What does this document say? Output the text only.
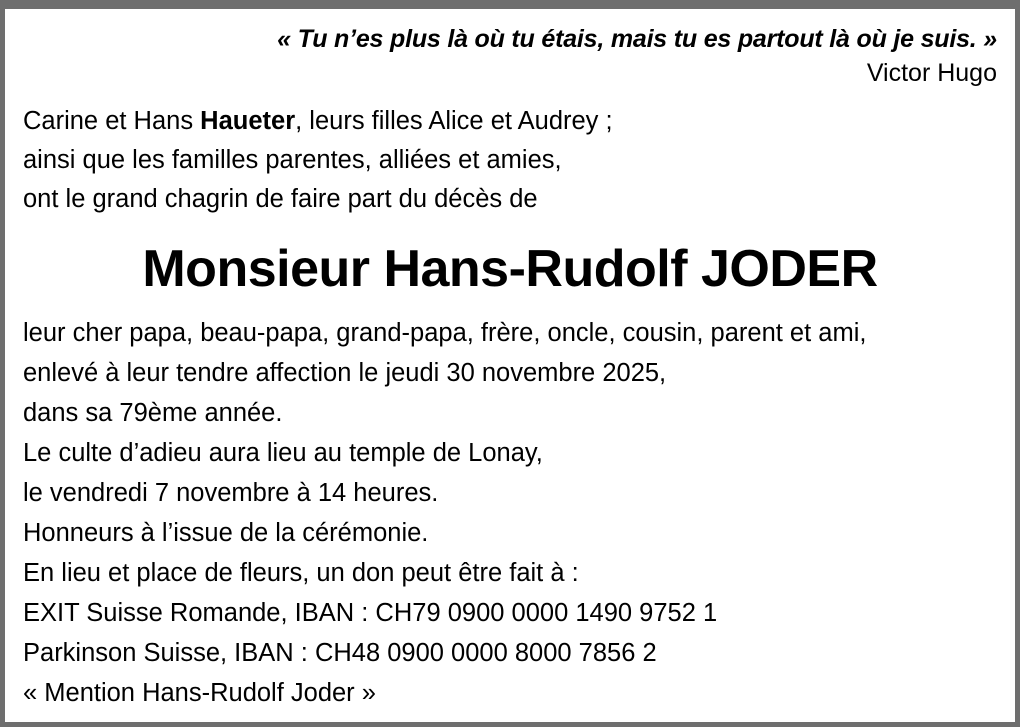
« Tu n’es plus là où tu étais, mais tu es partout là où je suis. »
Victor Hugo
Carine et Hans Haueter, leurs filles Alice et Audrey ;
ainsi que les familles parentes, alliées et amies,
ont le grand chagrin de faire part du décès de
Monsieur Hans-Rudolf JODER
leur cher papa, beau-papa, grand-papa, frère, oncle, cousin, parent et ami,
enlevé à leur tendre affection le jeudi 30 novembre 2025,
dans sa 79ème année.
Le culte d’adieu aura lieu au temple de Lonay,
le vendredi 7 novembre à 14 heures.
Honneurs à l’issue de la cérémonie.
En lieu et place de fleurs, un don peut être fait à :
EXIT Suisse Romande, IBAN : CH79 0900 0000 1490 9752 1
Parkinson Suisse, IBAN : CH48 0900 0000 8000 7856 2
« Mention Hans-Rudolf Joder »
